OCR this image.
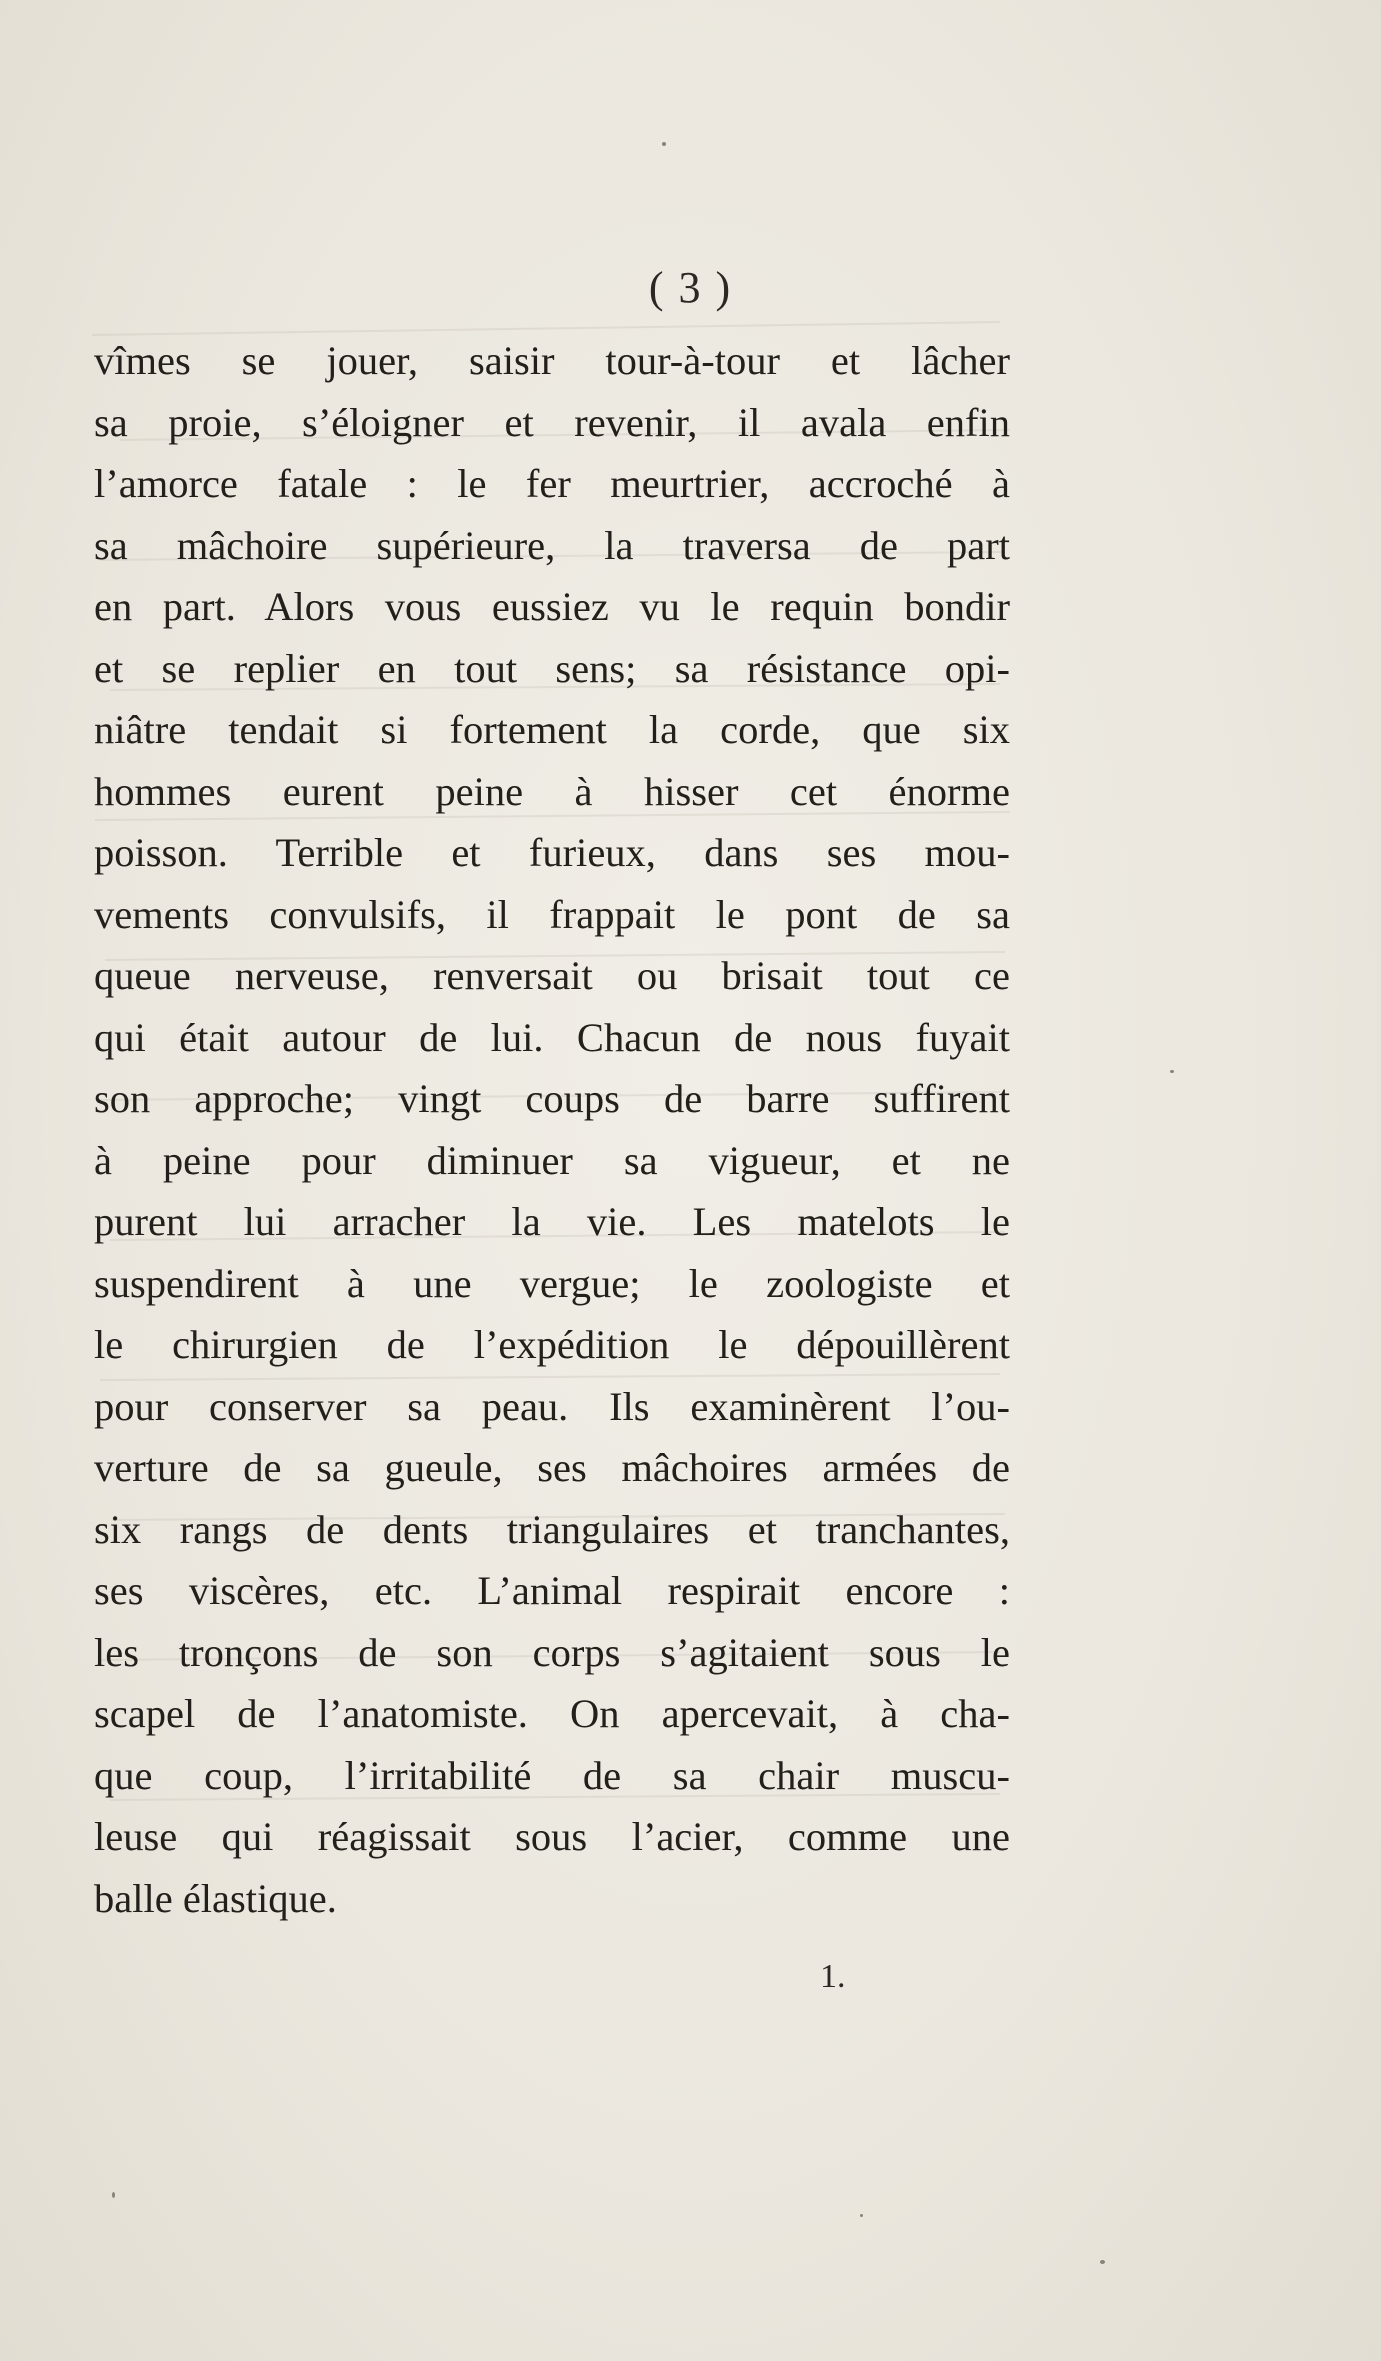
( 3 )
vîmes se jouer, saisir tour-à-tour et lâcher
sa proie, s’éloigner et revenir, il avala enfin
l’amorce fatale : le fer meurtrier, accroché à
sa mâchoire supérieure, la traversa de part
en part. Alors vous eussiez vu le requin bondir
et se replier en tout sens; sa résistance opi-
niâtre tendait si fortement la corde, que six
hommes eurent peine à hisser cet énorme
poisson. Terrible et furieux, dans ses mou-
vements convulsifs, il frappait le pont de sa
queue nerveuse, renversait ou brisait tout ce
qui était autour de lui. Chacun de nous fuyait
son approche; vingt coups de barre suffirent
à peine pour diminuer sa vigueur, et ne
purent lui arracher la vie. Les matelots le
suspendirent à une vergue; le zoologiste et
le chirurgien de l’expédition le dépouillèrent
pour conserver sa peau. Ils examinèrent l’ou-
verture de sa gueule, ses mâchoires armées de
six rangs de dents triangulaires et tranchantes,
ses viscères, etc. L’animal respirait encore :
les tronçons de son corps s’agitaient sous le
scapel de l’anatomiste. On apercevait, à cha-
que coup, l’irritabilité de sa chair muscu-
leuse qui réagissait sous l’acier, comme une
balle élastique.
1.
